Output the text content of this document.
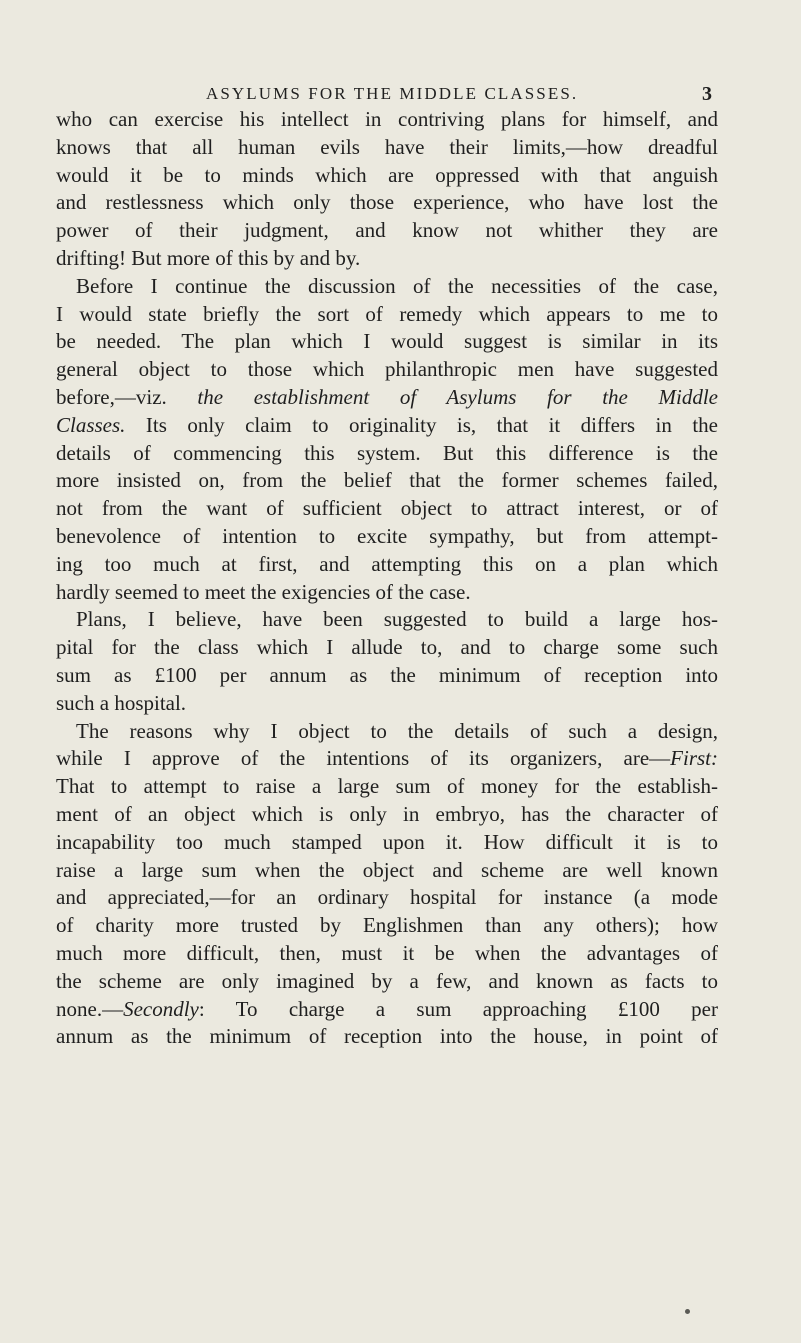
ASYLUMS FOR THE MIDDLE CLASSES.	3
who can exercise his intellect in contriving plans for himself, and
knows that all human evils have their limits,—how dreadful
would it be to minds which are oppressed with that anguish
and restlessness which only those experience, who have lost the
power of their judgment, and know not whither they are
drifting! But more of this by and by.
Before I continue the discussion of the necessities of the case,
I would state briefly the sort of remedy which appears to me to
be needed. The plan which I would suggest is similar in its
general object to those which philanthropic men have suggested
before,—viz. the establishment of Asylums for the Middle
Classes. Its only claim to originality is, that it differs in the
details of commencing this system. But this difference is the
more insisted on, from the belief that the former schemes failed,
not from the want of sufficient object to attract interest, or of
benevolence of intention to excite sympathy, but from attempt-
ing too much at first, and attempting this on a plan which
hardly seemed to meet the exigencies of the case.
Plans, I believe, have been suggested to build a large hos-
pital for the class which I allude to, and to charge some such
sum as £100 per annum as the minimum of reception into
such a hospital.
The reasons why I object to the details of such a design,
while I approve of the intentions of its organizers, are—First:
That to attempt to raise a large sum of money for the establish-
ment of an object which is only in embryo, has the character of
incapability too much stamped upon it. How difficult it is to
raise a large sum when the object and scheme are well known
and appreciated,—for an ordinary hospital for instance (a mode
of charity more trusted by Englishmen than any others); how
much more difficult, then, must it be when the advantages of
the scheme are only imagined by a few, and known as facts to
none.—Secondly: To charge a sum approaching £100 per
annum as the minimum of reception into the house, in point of
